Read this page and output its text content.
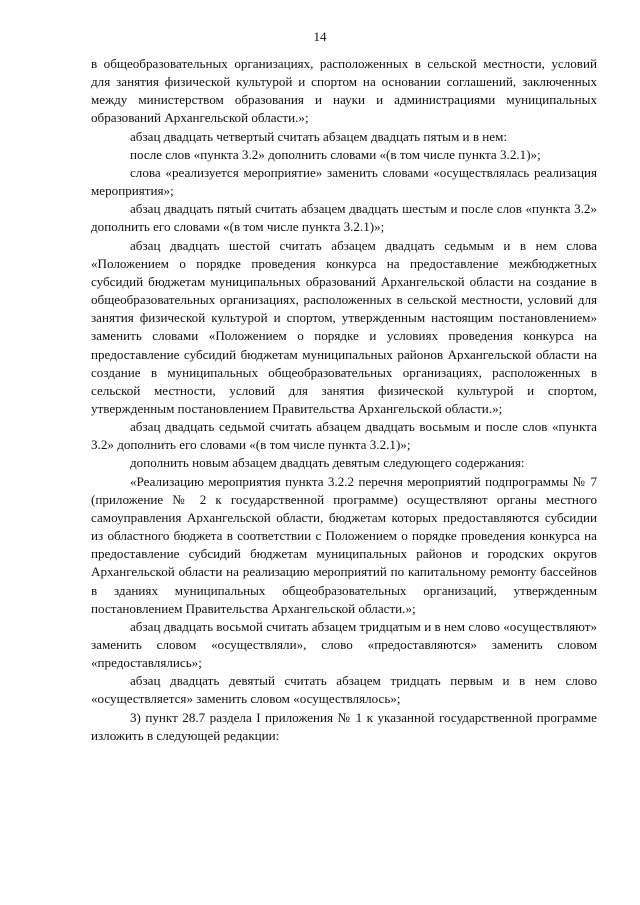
14

в общеобразовательных организациях, расположенных в сельской местности, условий для занятия физической культурой и спортом на основании соглашений, заключенных между министерством образования и науки и администрациями муниципальных образований Архангельской области.»;

абзац двадцать четвертый считать абзацем двадцать пятым и в нем:

после слов «пункта 3.2» дополнить словами «(в том числе пункта 3.2.1)»;

слова «реализуется мероприятие» заменить словами «осуществлялась реализация мероприятия»;

абзац двадцать пятый считать абзацем двадцать шестым и после слов «пункта 3.2» дополнить его словами «(в том числе пункта 3.2.1)»;

абзац двадцать шестой считать абзацем двадцать седьмым и в нем слова «Положением о порядке проведения конкурса на предоставление межбюджетных субсидий бюджетам муниципальных образований Архангельской области на создание в общеобразовательных организациях, расположенных в сельской местности, условий для занятия физической культурой и спортом, утвержденным настоящим постановлением» заменить словами «Положением о порядке и условиях проведения конкурса на предоставление субсидий бюджетам муниципальных районов Архангельской области на создание в муниципальных общеобразовательных организациях, расположенных в сельской местности, условий для занятия физической культурой и спортом, утвержденным постановлением Правительства Архангельской области.»;

абзац двадцать седьмой считать абзацем двадцать восьмым и после слов «пункта 3.2» дополнить его словами «(в том числе пункта 3.2.1)»;

дополнить новым абзацем двадцать девятым следующего содержания:

«Реализацию мероприятия пункта 3.2.2 перечня мероприятий подпрограммы № 7 (приложение № 2 к государственной программе) осуществляют органы местного самоуправления Архангельской области, бюджетам которых предоставляются субсидии из областного бюджета в соответствии с Положением о порядке проведения конкурса на предоставление субсидий бюджетам муниципальных районов и городских округов Архангельской области на реализацию мероприятий по капитальному ремонту бассейнов в зданиях муниципальных общеобразовательных организаций, утвержденным постановлением Правительства Архангельской области.»;

абзац двадцать восьмой считать абзацем тридцатым и в нем слово «осуществляют» заменить словом «осуществляли», слово «предоставляются» заменить словом «предоставлялись»;

абзац двадцать девятый считать абзацем тридцать первым и в нем слово «осуществляется» заменить словом «осуществлялось»;

3) пункт 28.7 раздела I приложения № 1 к указанной государственной программе изложить в следующей редакции:
